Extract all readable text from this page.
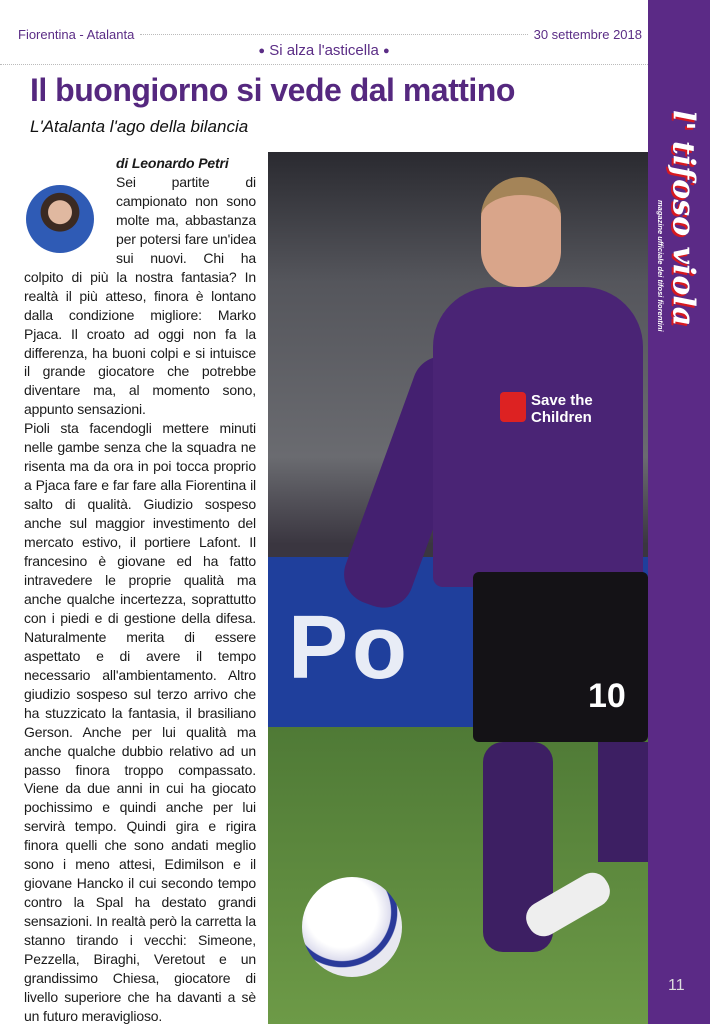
Fiorentina - Atalanta	30 settembre 2018
● Si alza l'asticella ●
Il buongiorno si vede dal mattino
L'Atalanta l'ago della bilancia
di Leonardo Petri

Sei partite di campionato non sono molte ma, abbastanza per potersi fare un'idea sui nuovi. Chi ha colpito di più la nostra fantasia? In realtà il più atteso, finora è lontano dalla condizione migliore: Marko Pjaca. Il croato ad oggi non fa la differenza, ha buoni colpi e si intuisce il grande giocatore che potrebbe diventare ma, al momento sono, appunto sensazioni.

Pioli sta facendogli mettere minuti nelle gambe senza che la squadra ne risenta ma da ora in poi tocca proprio a Pjaca fare e far fare alla Fiorentina il salto di qualità. Giudizio sospeso anche sul maggior investimento del mercato estivo, il portiere Lafont. Il francesino è giovane ed ha fatto intravedere le proprie qualità ma anche qualche incertezza, soprattutto con i piedi e di gestione della difesa. Naturalmente merita di essere aspettato e di avere il tempo necessario all'ambientamento. Altro giudizio sospeso sul terzo arrivo che ha stuzzicato la fantasia, il brasiliano Gerson. Anche per lui qualità ma anche qualche dubbio relativo ad un passo finora troppo compassato. Viene da due anni in cui ha giocato pochissimo e quindi anche per lui servirà tempo. Quindi gira e rigira finora quelli che sono andati meglio sono i meno attesi, Edimilson e il giovane Hancko il cui secondo tempo contro la Spal ha destato grandi sensazioni. In realtà però la carretta la stanno tirando i vecchi: Simeone, Pezzella, Biraghi, Veretout e un grandissimo Chiesa, giocatore di livello superiore che ha davanti a sè un futuro meraviglioso.

Po	10
Save the Children
l' tifoso viola
magazine ufficiale dei tifosi fiorentini
11
